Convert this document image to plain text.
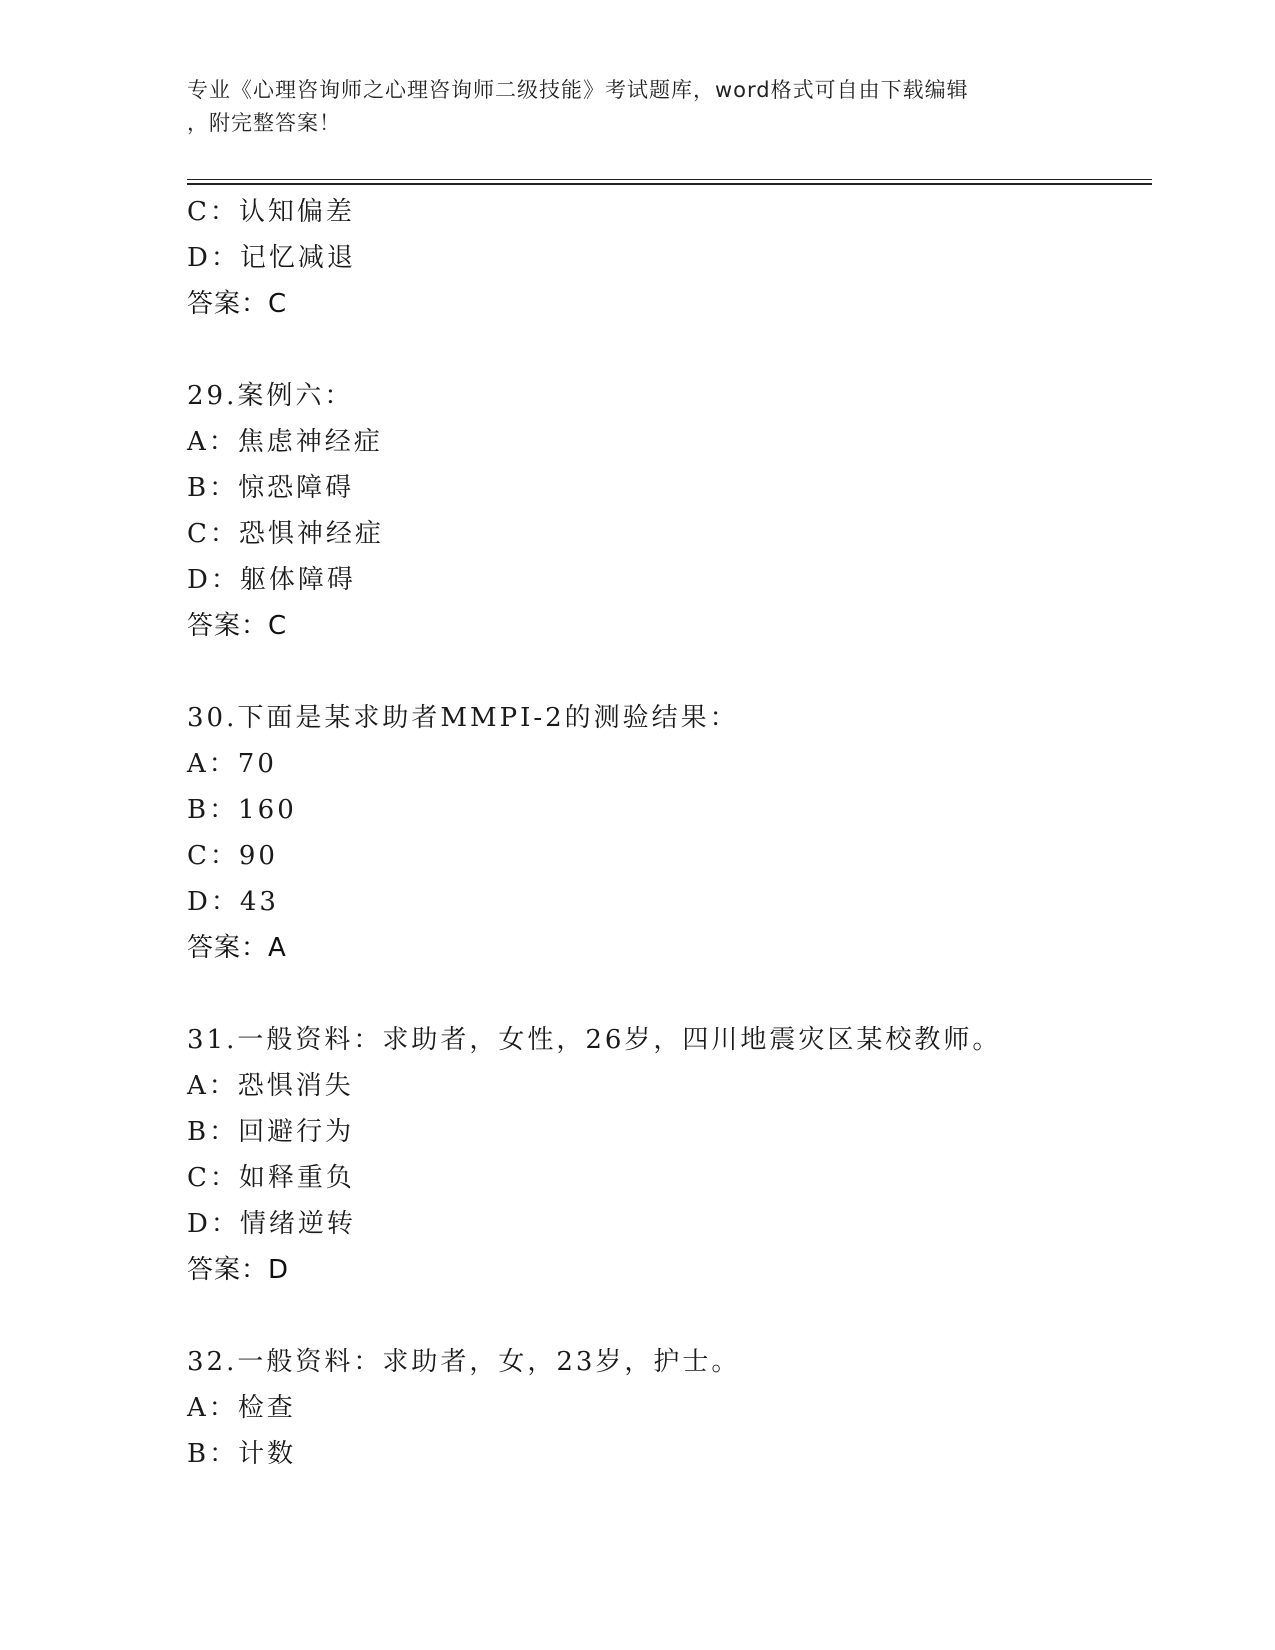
专业《心理咨询师之心理咨询师二级技能》考试题库，word格式可自由下载编辑
，附完整答案！
C：认知偏差
D：记忆减退
答案：C
29.案例六：
A：焦虑神经症
B：惊恐障碍
C：恐惧神经症
D：躯体障碍
答案：C
30.下面是某求助者MMPI-2的测验结果：
A：70
B：160
C：90
D：43
答案：A
31.一般资料：求助者，女性，26岁，四川地震灾区某校教师。
A：恐惧消失
B：回避行为
C：如释重负
D：情绪逆转
答案：D
32.一般资料：求助者，女，23岁，护士。
A：检查
B：计数
